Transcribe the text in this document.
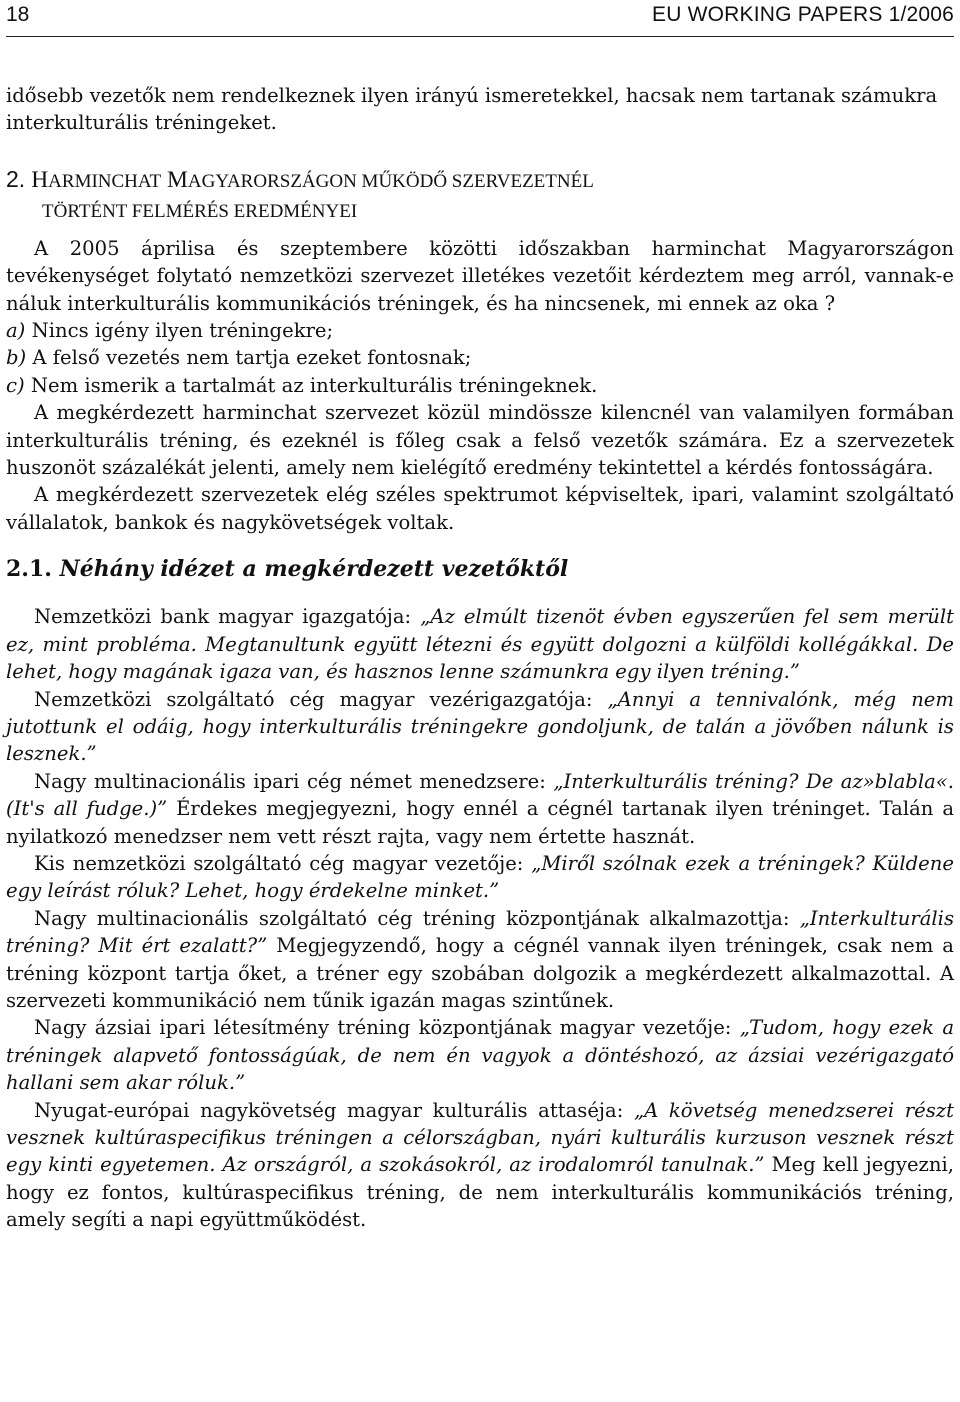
18	EU WORKING PAPERS 1/2006

idősebb vezetők nem rendelkeznek ilyen irányú ismeretekkel, hacsak nem tartanak számukra interkulturális tréningeket.

2. HARMINCHAT MAGYARORSZÁGON MŰKÖDŐ SZERVEZETNÉL
TÖRTÉNT FELMÉRÉS EREDMÉNYEI

A 2005 áprilisa és szeptembere közötti időszakban harminchat Magyarországon tevékenységet folytató nemzetközi szervezet illetékes vezetőit kérdeztem meg arról, vannak-e náluk interkulturális kommunikációs tréningek, és ha nincsenek, mi ennek az oka ?

a) Nincs igény ilyen tréningekre;

b) A felső vezetés nem tartja ezeket fontosnak;

c) Nem ismerik a tartalmát az interkulturális tréningeknek.

A megkérdezett harminchat szervezet közül mindössze kilencnél van valamilyen formában interkulturális tréning, és ezeknél is főleg csak a felső vezetők számára. Ez a szervezetek huszonöt százalékát jelenti, amely nem kielégítő eredmény tekintettel a kérdés fontosságára.

A megkérdezett szervezetek elég széles spektrumot képviseltek, ipari, valamint szolgáltató vállalatok, bankok és nagykövetségek voltak.

2.1. Néhány idézet a megkérdezett vezetőktől

Nemzetközi bank magyar igazgatója: „Az elmúlt tizenöt évben egyszerűen fel sem merült ez, mint probléma. Megtanultunk együtt létezni és együtt dolgozni a külföldi kollégákkal. De lehet, hogy magának igaza van, és hasznos lenne számunkra egy ilyen tréning.”

Nemzetközi szolgáltató cég magyar vezérigazgatója: „Annyi a tennivalónk, még nem jutottunk el odáig, hogy interkulturális tréningekre gondoljunk, de talán a jövőben nálunk is lesznek.”

Nagy multinacionális ipari cég német menedzsere: „Interkulturális tréning? De az»blabla«. (It's all fudge.)” Érdekes megjegyezni, hogy ennél a cégnél tartanak ilyen tréninget. Talán a nyilatkozó menedzser nem vett részt rajta, vagy nem értette hasznát.

Kis nemzetközi szolgáltató cég magyar vezetője: „Miről szólnak ezek a tréningek? Küldene egy leírást róluk? Lehet, hogy érdekelne minket.”

Nagy multinacionális szolgáltató cég tréning központjának alkalmazottja: „Interkulturális tréning? Mit ért ezalatt?” Megjegyzendő, hogy a cégnél vannak ilyen tréningek, csak nem a tréning központ tartja őket, a tréner egy szobában dolgozik a megkérdezett alkalmazottal. A szervezeti kommunikáció nem tűnik igazán magas szintűnek.

Nagy ázsiai ipari létesítmény tréning központjának magyar vezetője: „Tudom, hogy ezek a tréningek alapvető fontosságúak, de nem én vagyok a döntéshozó, az ázsiai vezérigazgató hallani sem akar róluk.”

Nyugat-európai nagykövetség magyar kulturális attaséja: „A követség menedzserei részt vesznek kultúraspecifikus tréningen a célországban, nyári kulturális kurzuson vesznek részt egy kinti egyetemen. Az országról, a szokásokról, az irodalomról tanulnak.” Meg kell jegyezni, hogy ez fontos, kultúraspecifikus tréning, de nem interkulturális kommunikációs tréning, amely segíti a napi együttműködést.
